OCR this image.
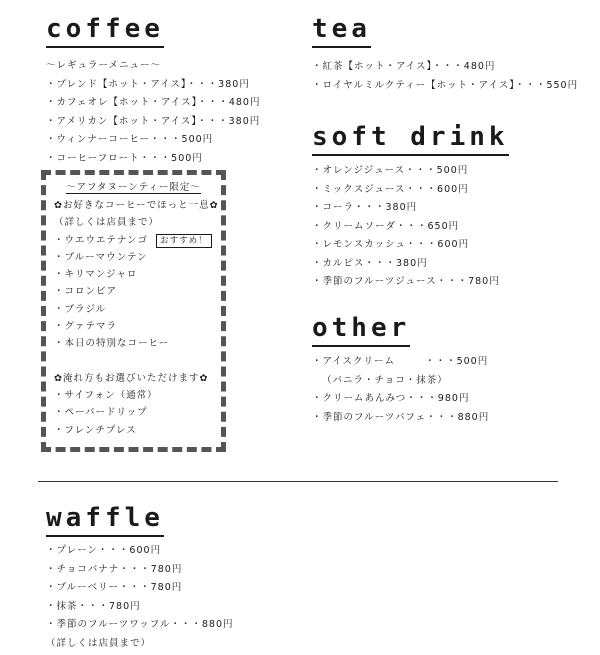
coffee
〜レギュラーメニュー〜
・ブレンド【ホット・アイス】・・・380円
・カフェオレ【ホット・アイス】・・・480円
・アメリカン【ホット・アイス】・・・380円
・ウィンナーコーヒー・・・500円
・コーヒーフロート・・・500円
〜アフタヌーンティー限定〜
✿お好きなコーヒーでほっと一息✿
（詳しくは店員まで）
・ウエウエテナンゴ おすすめ！
・ブルーマウンテン
・キリマンジャロ
・コロンビア
・ブラジル
・グァテマラ
・本日の特別なコーヒー
✿淹れ方もお選びいただけます✿
・サイフォン（通常）
・ペーパードリップ
・フレンチプレス
tea
・紅茶【ホット・アイス】・・・480円
・ロイヤルミルクティー【ホット・アイス】・・・550円
soft drink
・オレンジジュース・・・500円
・ミックスジュース・・・600円
・コーラ・・・380円
・クリームソーダ・・・650円
・レモンスカッシュ・・・600円
・カルピス・・・380円
・季節のフルーツジュース・・・780円
other
・アイスクリーム	・・・500円
（バニラ・チョコ・抹茶）
・クリームあんみつ・・・980円
・季節のフルーツパフェ・・・880円
waffle
・プレーン・・・600円
・チョコバナナ・・・780円
・ブルーベリー・・・780円
・抹茶・・・780円
・季節のフルーツワッフル・・・880円
（詳しくは店員まで）
